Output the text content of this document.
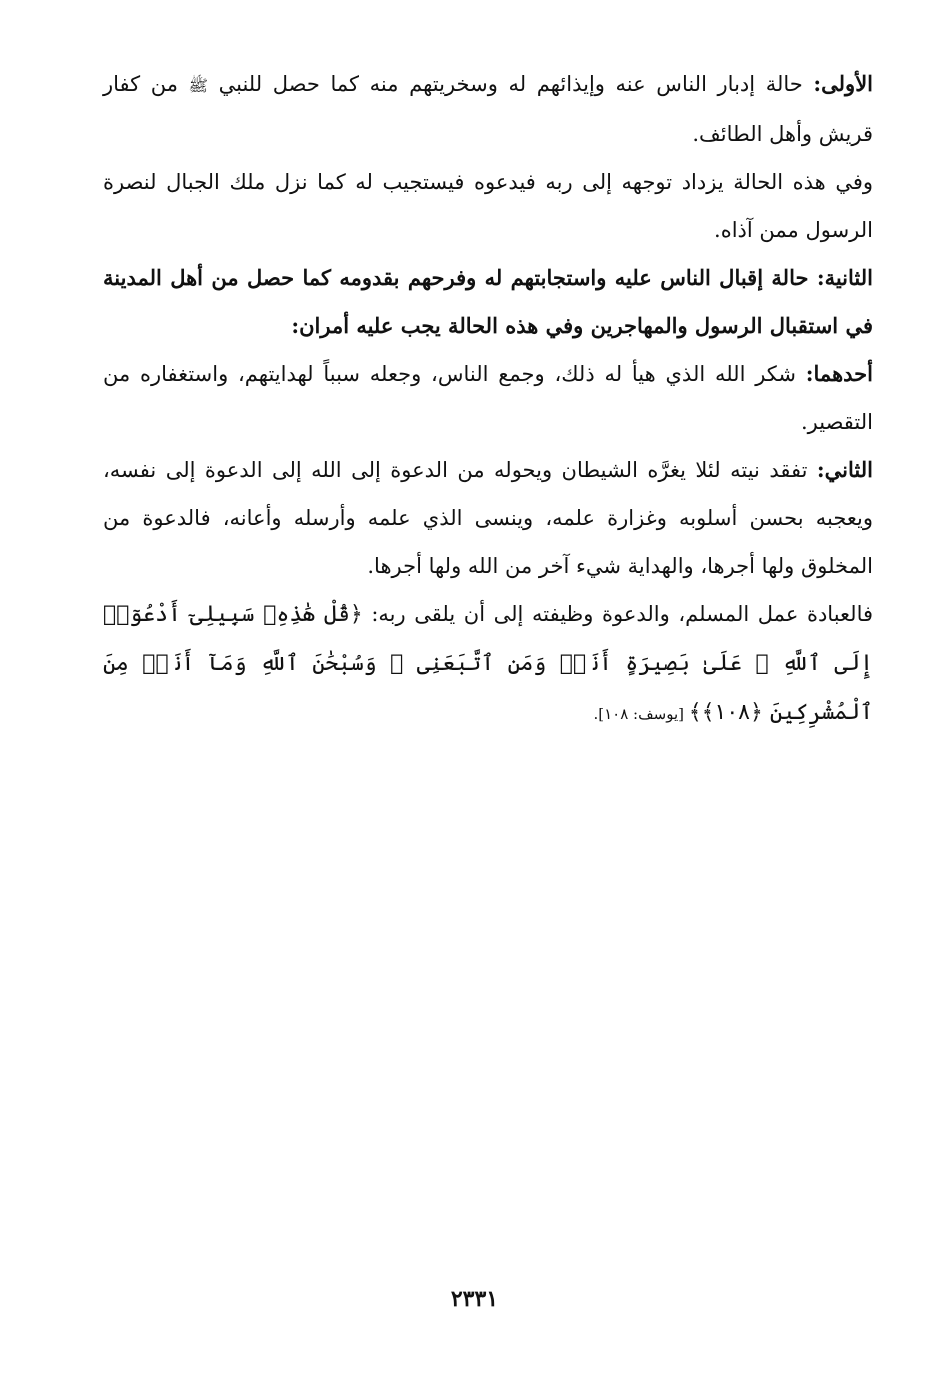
الأولى: حالة إدبار الناس عنه وإيذائهم له وسخريتهم منه كما حصل للنبي ﷺ من كفار قريش وأهل الطائف.

وفي هذه الحالة يزداد توجهه إلى ربه فيدعوه فيستجيب له كما نزل ملك الجبال لنصرة الرسول ممن آذاه.

الثانية: حالة إقبال الناس عليه واستجابتهم له وفرحهم بقدومه كما حصل من أهل المدينة في استقبال الرسول والمهاجرين وفي هذه الحالة يجب عليه أمران:

أحدهما: شكر الله الذي هيأ له ذلك، وجمع الناس، وجعله سبباً لهدايتهم، واستغفاره من التقصير.

الثاني: تفقد نيته لئلا يغرَّه الشيطان ويحوله من الدعوة إلى الله إلى الدعوة إلى نفسه، ويعجبه بحسن أسلوبه وغزارة علمه، وينسى الذي علمه وأرسله وأعانه، فالدعوة من المخلوق ولها أجرها، والهداية شيء آخر من الله ولها أجرها.

فالعبادة عمل المسلم، والدعوة وظيفته إلى أن يلقى ربه: ﴿قُلْ هَٰذِهِۦ سَبِيلِىٓ أَدْعُوٓا۟ إِلَى ٱللَّهِ ۚ عَلَىٰ بَصِيرَةٍ أَنَا۠ وَمَنِ ٱتَّبَعَنِى ۖ وَسُبْحَٰنَ ٱللَّهِ وَمَآ أَنَا۠ مِنَ ٱلْمُشْرِكِينَ ﴿١٠٨﴾﴾ [يوسف: ١٠٨].

٢٣٣١
